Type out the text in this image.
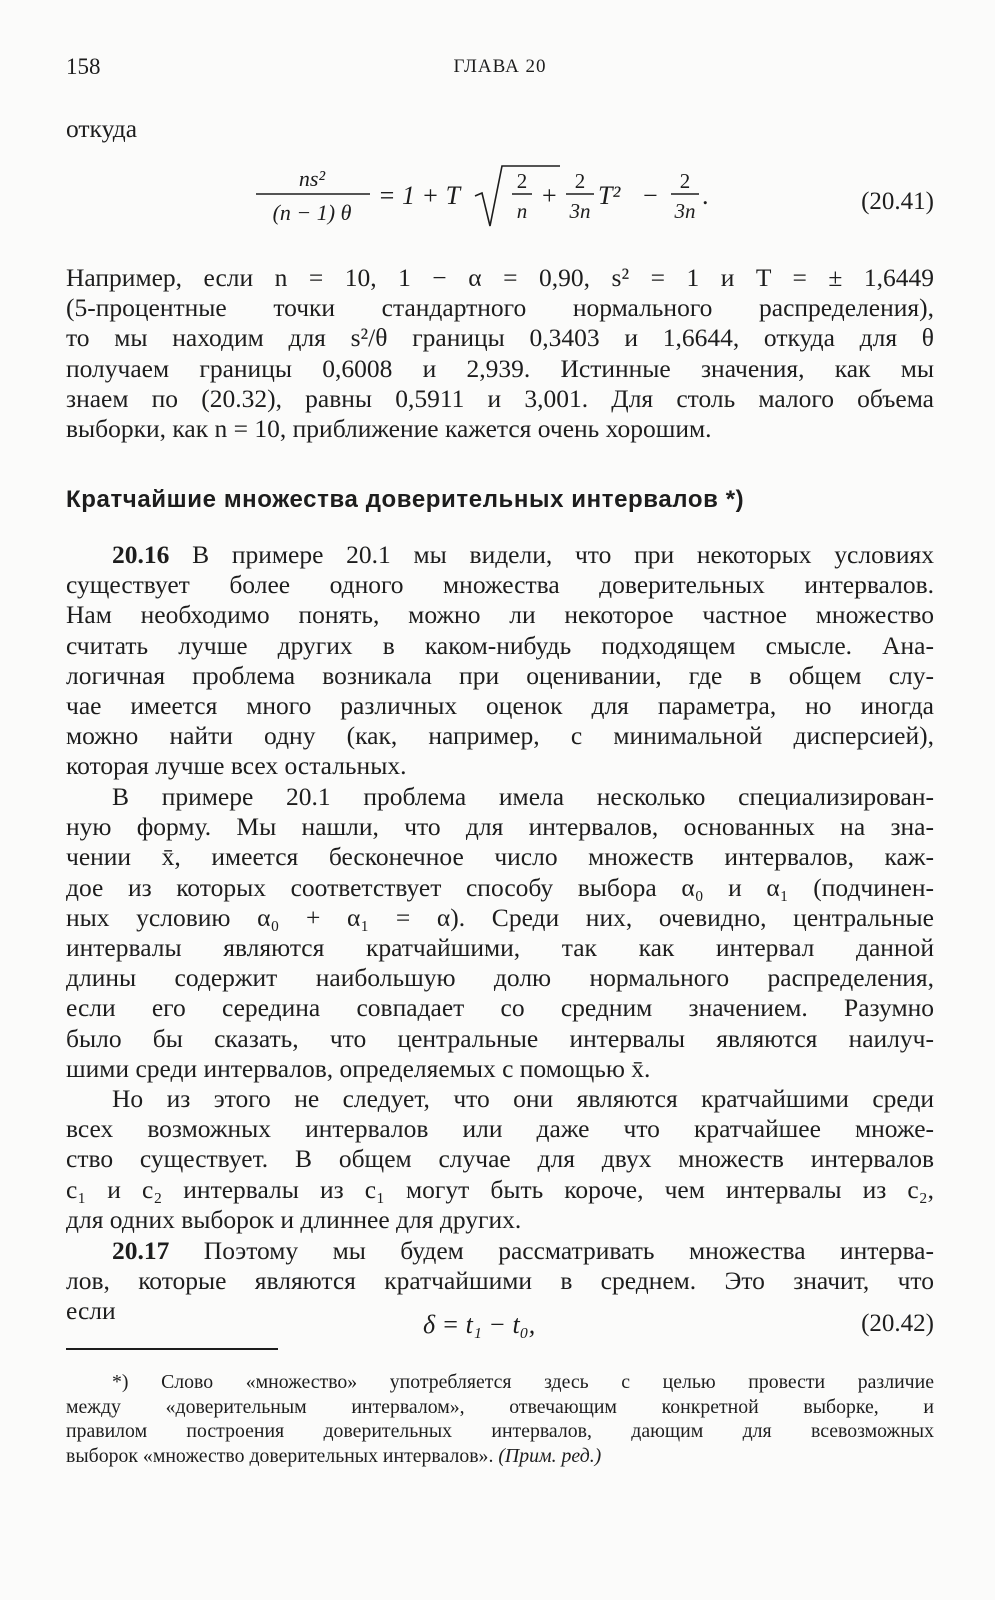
158	ГЛАВА 20
откуда
ns²
(n − 1) θ
= 1 + T	2
n
+ 2
3n
T² − 2
3n
.	(20.41)
Например, если n = 10, 1 − α = 0,90, s² = 1 и T = ± 1,6449
(5-процентные точки стандартного нормального распределения),
то мы находим для s²/θ границы 0,3403 и 1,6644, откуда для θ
получаем границы 0,6008 и 2,939. Истинные значения, как мы
знаем по (20.32), равны 0,5911 и 3,001. Для столь малого объема
выборки, как n = 10, приближение кажется очень хорошим.
Кратчайшие множества доверительных интервалов *)
20.16 В примере 20.1 мы видели, что при некоторых условиях
существует более одного множества доверительных интервалов.
Нам необходимо понять, можно ли некоторое частное множество
считать лучше других в каком-нибудь подходящем смысле. Ана-
логичная проблема возникала при оценивании, где в общем слу-
чае имеется много различных оценок для параметра, но иногда
можно найти одну (как, например, с минимальной дисперсией),
которая лучше всех остальных.
В примере 20.1 проблема имела несколько специализирован-
ную форму. Мы нашли, что для интервалов, основанных на зна-
чении x̄, имеется бесконечное число множеств интервалов, каж-
дое из которых соответствует способу выбора α₀ и α₁ (подчинен-
ных условию α₀ + α₁ = α). Среди них, очевидно, центральные
интервалы являются кратчайшими, так как интервал данной
длины содержит наибольшую долю нормального распределения,
если его середина совпадает со средним значением. Разумно
было бы сказать, что центральные интервалы являются наилуч-
шими среди интервалов, определяемых с помощью x̄.
Но из этого не следует, что они являются кратчайшими среди
всех возможных интервалов или даже что кратчайшее множе-
ство существует. В общем случае для двух множеств интервалов
c₁ и c₂ интервалы из c₁ могут быть короче, чем интервалы из c₂,
для одних выборок и длиннее для других.
20.17 Поэтому мы будем рассматривать множества интерва-
лов, которые являются кратчайшими в среднем. Это значит, что
если	δ = t₁ − t₀,	(20.42)
*) Слово «множество» употребляется здесь с целью провести различие
между «доверительным интервалом», отвечающим конкретной выборке, и
правилом построения доверительных интервалов, дающим для всевозможных
выборок «множество доверительных интервалов». (Прим. ред.)
